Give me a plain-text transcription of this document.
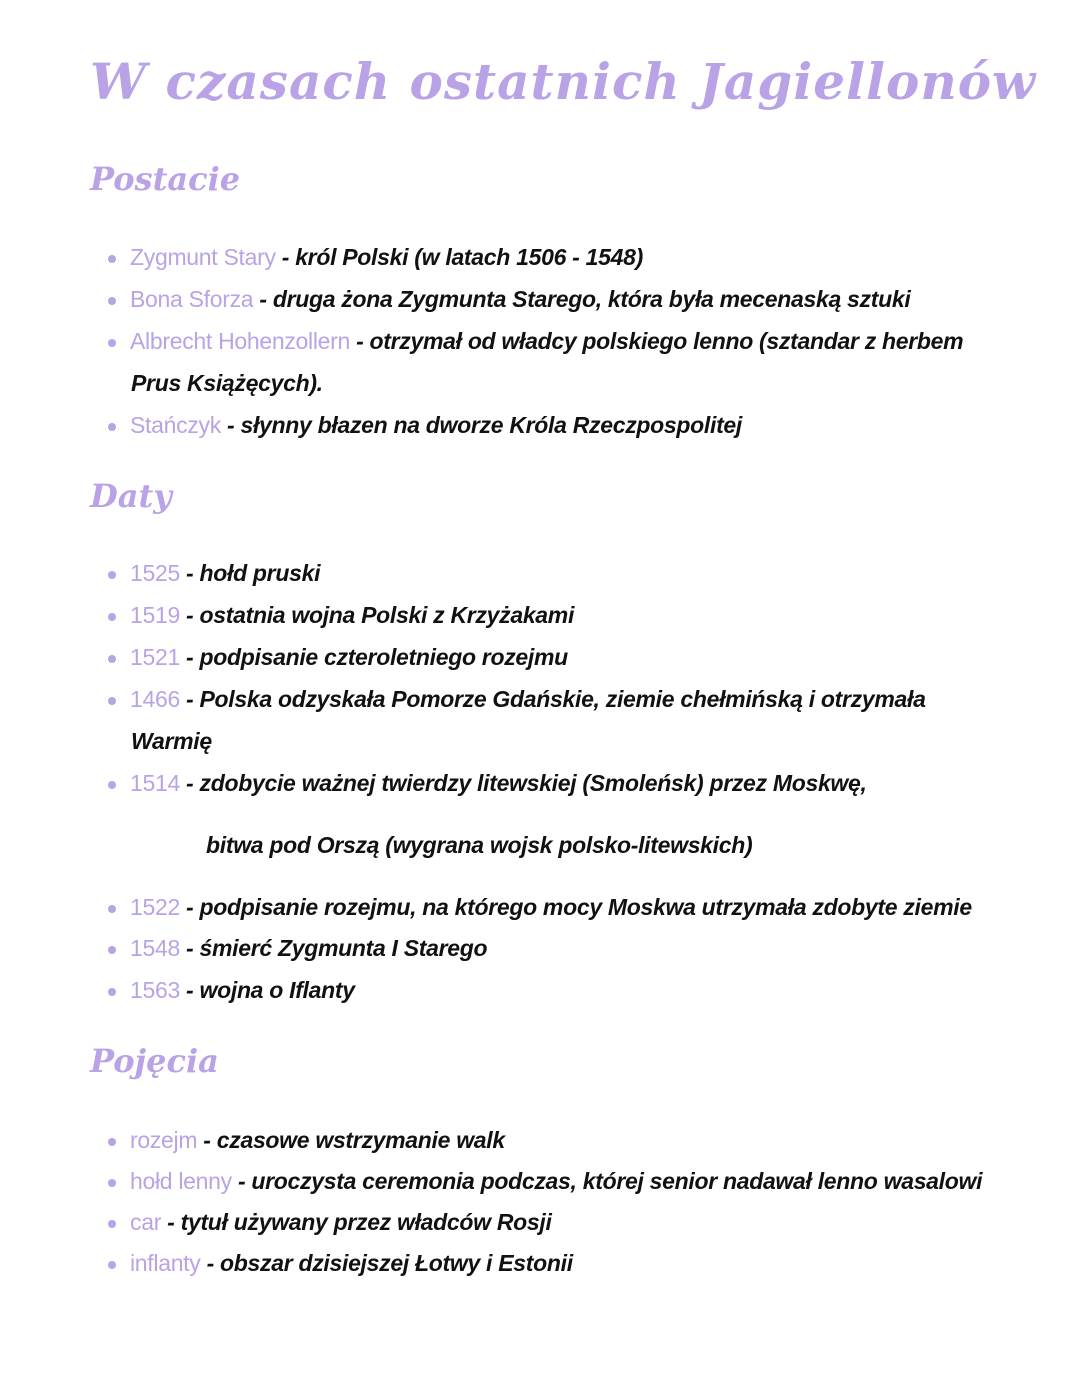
W czasach ostatnich Jagiellonów
Postacie
Zygmunt Stary - król Polski (w latach 1506 - 1548)
Bona Sforza - druga żona Zygmunta Starego, która była mecenaską sztuki
Albrecht Hohenzollern - otrzymał od władcy polskiego lenno (sztandar z herbem
Prus Książęcych).
Stańczyk - słynny błazen na dworze Króla Rzeczpospolitej
Daty
1525 - hołd pruski
1519 - ostatnia wojna Polski z Krzyżakami
1521 - podpisanie czteroletniego rozejmu
1466 - Polska odzyskała Pomorze Gdańskie, ziemie chełmińską i otrzymała
Warmię
1514 - zdobycie ważnej twierdzy litewskiej (Smoleńsk) przez Moskwę,
bitwa pod Orszą (wygrana wojsk polsko-litewskich)
1522 - podpisanie rozejmu, na którego mocy Moskwa utrzymała zdobyte ziemie
1548 - śmierć Zygmunta I Starego
1563 - wojna o Iflanty
Pojęcia
rozejm - czasowe wstrzymanie walk
hołd lenny - uroczysta ceremonia podczas, której senior nadawał lenno wasalowi
car - tytuł używany przez władców Rosji
inflanty - obszar dzisiejszej Łotwy i Estonii
